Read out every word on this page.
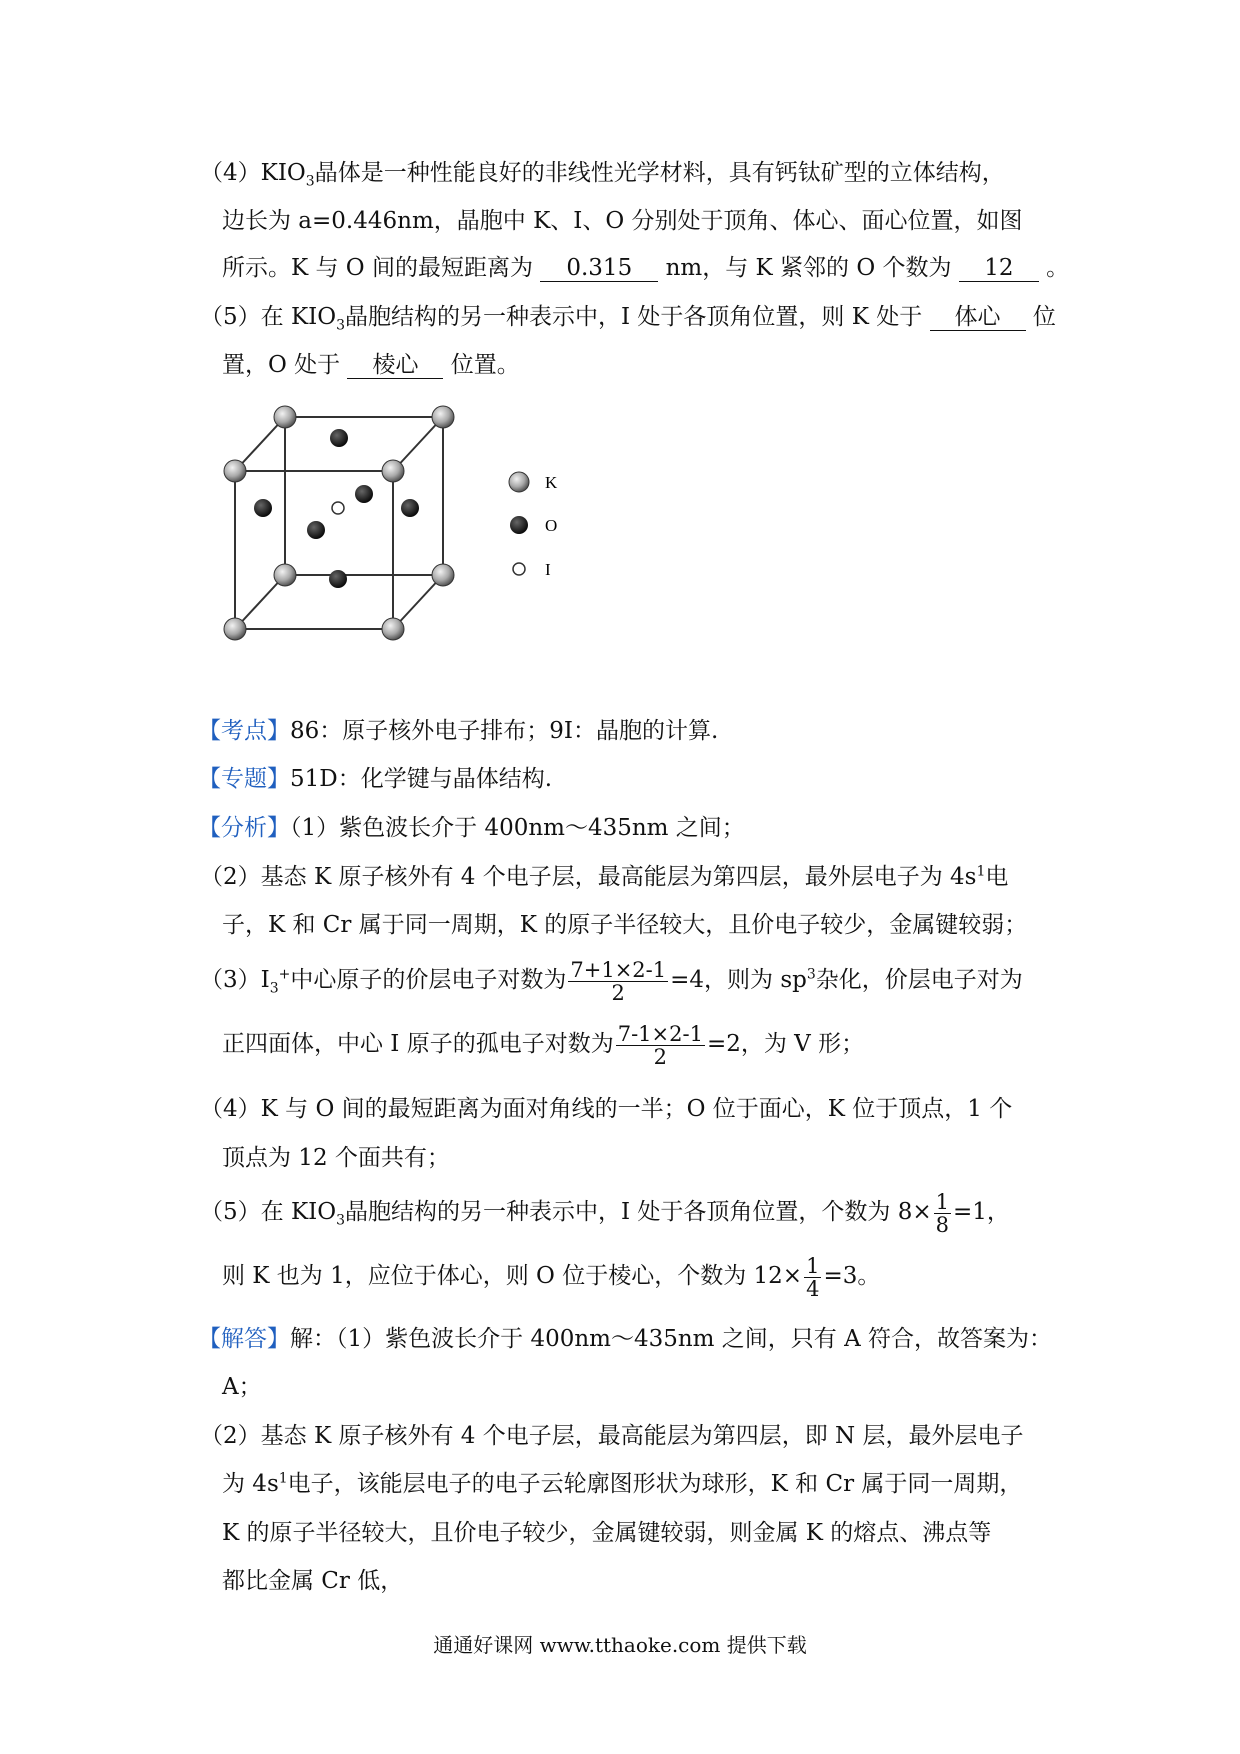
$(4)KIO_3$晶体是一种性能良好的非线性光学材料，具有钙钛矿型的立体结构，
边长为 a=0.446nm，晶胞中 K、I、O 分别处于顶角、体心、面心位置，如图
所示。K 与 O 间的最短距离为 0.315 nm，与 K 紧邻的 O 个数为 12 。
（5）在 $KIO_3$晶胞结构的另一种表示中，I 处于各顶角位置，则 K 处于 体心 位
置，O 处于 棱心 位置。
K
O
I
【考点】86：原子核外电子排布；9I：晶胞的计算.
【专题】51D：化学键与晶体结构.
【分析】（1）紫色波长介于 400nm～435nm 之间；
（2）基态 K 原子核外有 4 个电子层，最高能层为第四层，最外层电子为 $4s^1$电
子，K 和 Cr 属于同一周期，K 的原子半径较大，且价电子较少，金属键较弱；
$(3)I_3^+$中心原子的价层电子对数为 $\frac{7+1\times 2-1}{2} =4$，则为 $sp^3$杂化，价层电子对为
正四面体，中心 I 原子的孤电子对数为 $\frac{7-1\times 2-1}{2} =2$，为 V 形；
（4）K 与 O 间的最短距离为面对角线的一半；O 位于面心，K 位于顶点，1 个
顶点为 12 个面共有；
（5）在 $KIO_3$晶胞结构的另一种表示中，I 处于各顶角位置，个数为 $8\times \frac{1}{8} =1$，
则 K 也为 1，应位于体心，则 O 位于棱心，个数为 $12\times \frac{1}{4} =3$。
【解答】解：（1）紫色波长介于 400nm～435nm 之间，只有 A 符合，故答案为：
A；
（2）基态 K 原子核外有 4 个电子层，最高能层为第四层，即 N 层，最外层电子
为 $4s^1$电子，该能层电子的电子云轮廓图形状为球形，K 和 Cr 属于同一周期，
K 的原子半径较大，且价电子较少，金属键较弱，则金属 K 的熔点、沸点等
都比金属 Cr 低，
通通好课网 www.tthaoke.com 提供下载
